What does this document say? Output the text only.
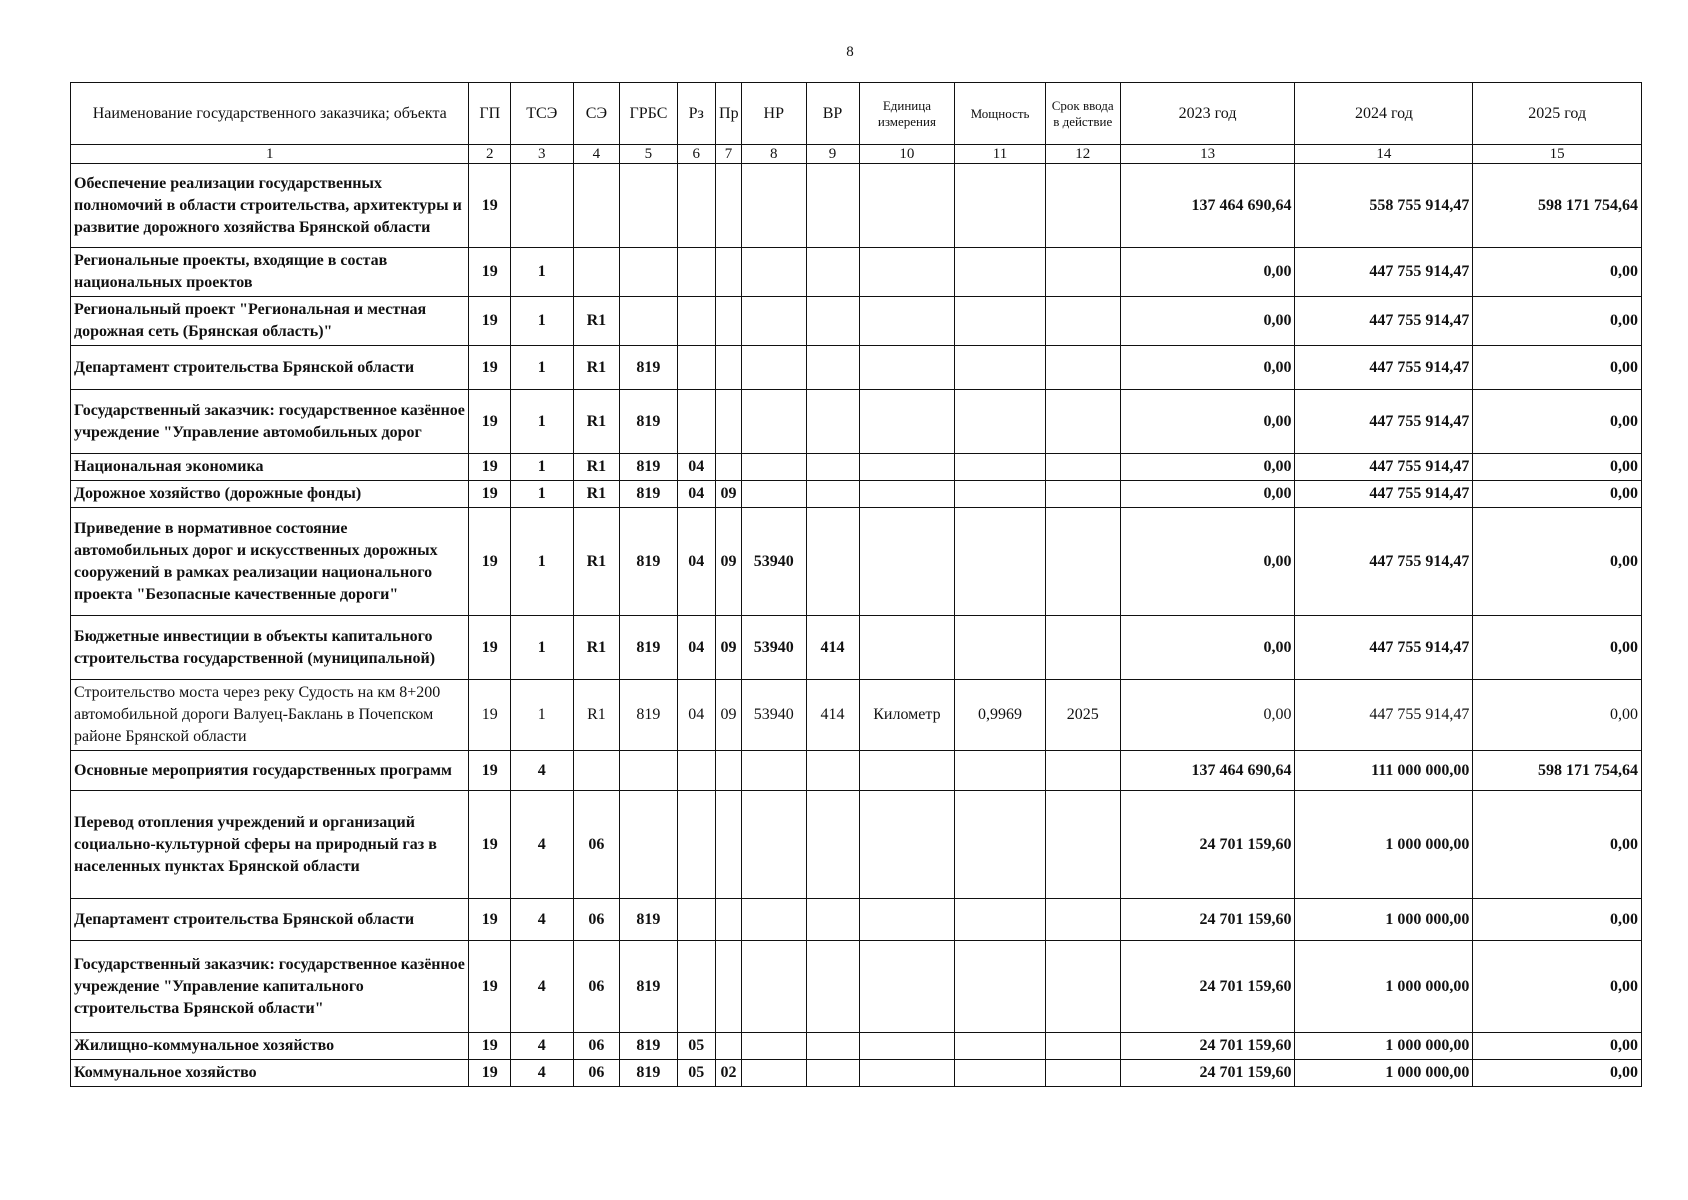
8
Наименование государственного заказчика; объекта	ГП	ТСЭ	СЭ	ГРБС	Рз	Пр	НР	ВР	Единица измерения	Мощность	Срок ввода в действие	2023 год	2024 год	2025 год
1	2	3	4	5	6	7	8	9	10	11	12	13	14	15
Обеспечение реализации государственных полномочий в области строительства, архитектуры и развитие дорожного хозяйства Брянской области	19											137 464 690,64	558 755 914,47	598 171 754,64
Региональные проекты, входящие в состав национальных проектов	19	1										0,00	447 755 914,47	0,00
Региональный проект "Региональная и местная дорожная сеть (Брянская область)"	19	1	R1									0,00	447 755 914,47	0,00
Департамент строительства Брянской области	19	1	R1	819								0,00	447 755 914,47	0,00
Государственный заказчик: государственное казённое учреждение "Управление автомобильных дорог	19	1	R1	819								0,00	447 755 914,47	0,00
Национальная экономика	19	1	R1	819	04							0,00	447 755 914,47	0,00
Дорожное хозяйство (дорожные фонды)	19	1	R1	819	04	09						0,00	447 755 914,47	0,00
Приведение в нормативное состояние автомобильных дорог и искусственных дорожных сооружений в рамках реализации национального проекта "Безопасные качественные дороги"	19	1	R1	819	04	09	53940					0,00	447 755 914,47	0,00
Бюджетные инвестиции в объекты капитального строительства государственной (муниципальной)	19	1	R1	819	04	09	53940	414				0,00	447 755 914,47	0,00
Строительство моста через реку Судость на км 8+200 автомобильной дороги Валуец-Баклань в Почепском районе Брянской области	19	1	R1	819	04	09	53940	414	Километр	0,9969	2025	0,00	447 755 914,47	0,00
Основные мероприятия государственных программ	19	4										137 464 690,64	111 000 000,00	598 171 754,64
Перевод отопления учреждений и организаций социально-культурной сферы на природный газ в населенных пунктах Брянской области	19	4	06									24 701 159,60	1 000 000,00	0,00
Департамент строительства Брянской области	19	4	06	819								24 701 159,60	1 000 000,00	0,00
Государственный заказчик: государственное казённое учреждение "Управление капитального строительства Брянской области"	19	4	06	819								24 701 159,60	1 000 000,00	0,00
Жилищно-коммунальное хозяйство	19	4	06	819	05							24 701 159,60	1 000 000,00	0,00
Коммунальное хозяйство	19	4	06	819	05	02						24 701 159,60	1 000 000,00	0,00
